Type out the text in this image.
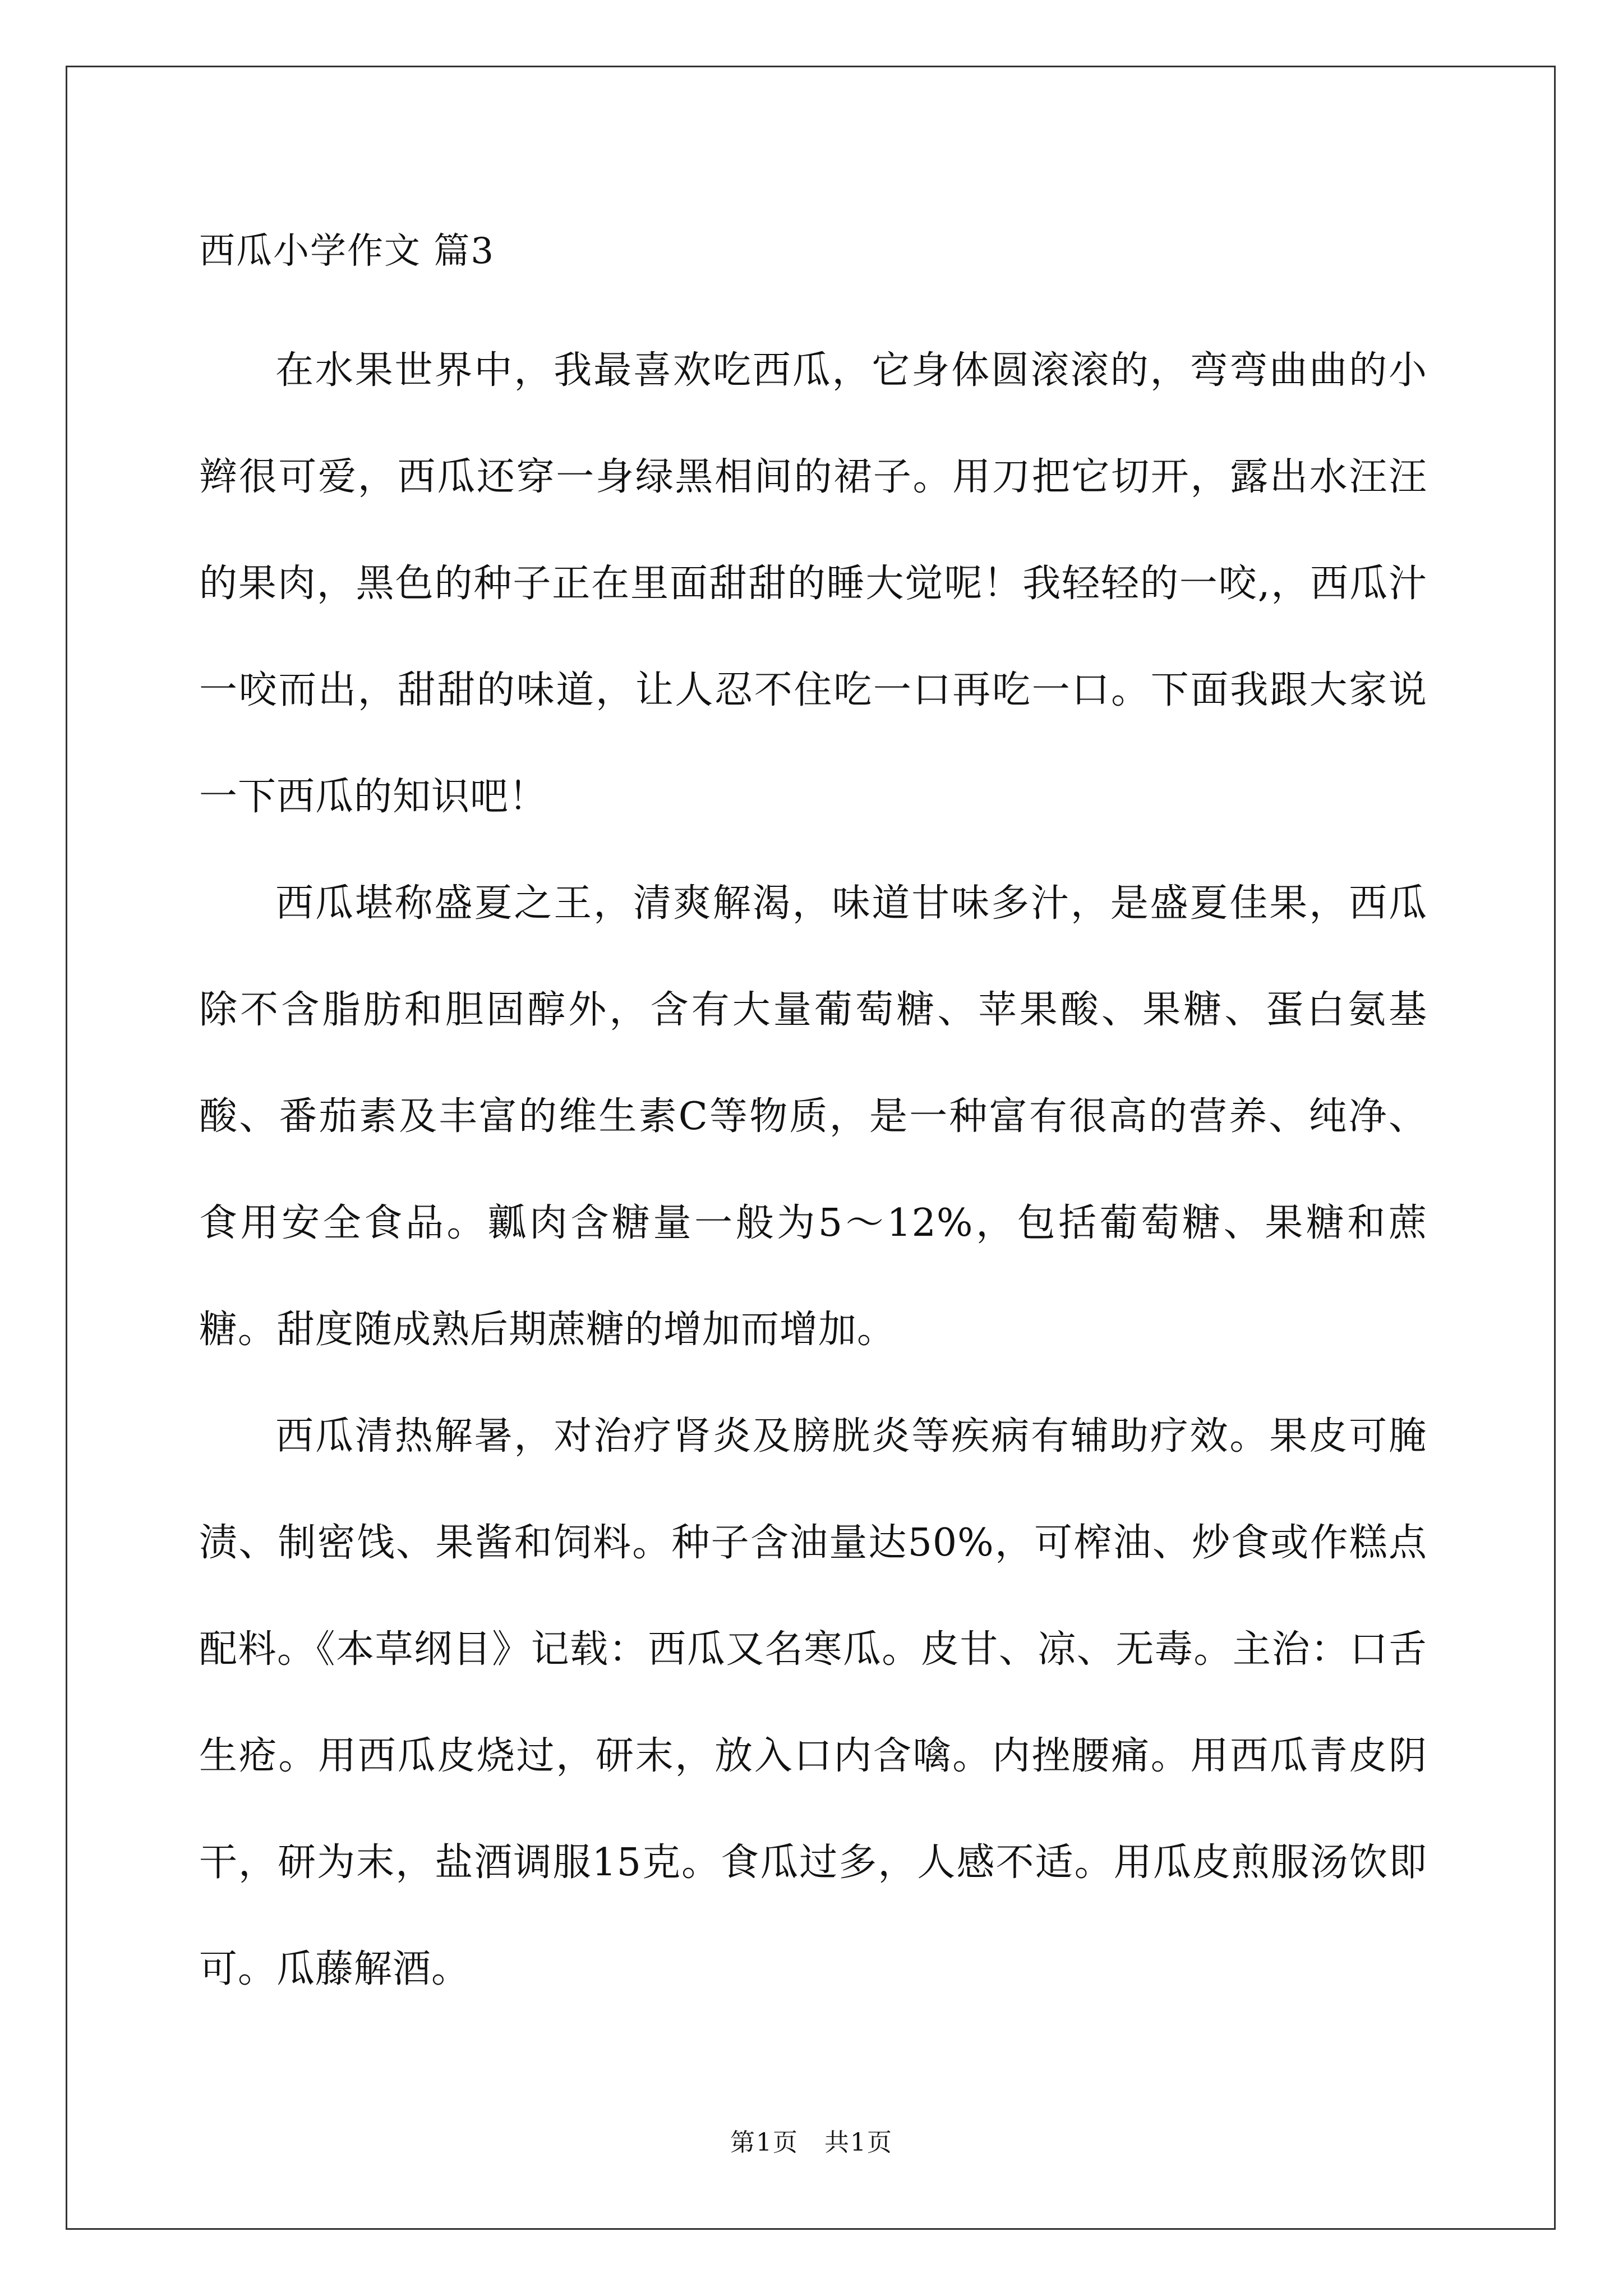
西瓜小学作文 篇3

在水果世界中，我最喜欢吃西瓜，它身体圆滚滚的，弯弯曲曲的小辫很可爱，西瓜还穿一身绿黑相间的裙子。用刀把它切开，露出水汪汪的果肉，黑色的种子正在里面甜甜的睡大觉呢！我轻轻的一咬,，西瓜汁一咬而出，甜甜的味道，让人忍不住吃一口再吃一口。下面我跟大家说一下西瓜的知识吧！

西瓜堪称盛夏之王，清爽解渴，味道甘味多汁，是盛夏佳果，西瓜除不含脂肪和胆固醇外，含有大量葡萄糖、苹果酸、果糖、蛋白氨基酸、番茄素及丰富的维生素C等物质，是一种富有很高的营养、纯净、食用安全食品。瓤肉含糖量一般为5～12%，包括葡萄糖、果糖和蔗糖。甜度随成熟后期蔗糖的增加而增加。

西瓜清热解暑，对治疗肾炎及膀胱炎等疾病有辅助疗效。果皮可腌渍、制密饯、果酱和饲料。种子含油量达50%，可榨油、炒食或作糕点配料。《本草纲目》记载：西瓜又名寒瓜。皮甘、凉、无毒。主治：口舌生疮。用西瓜皮烧过，研末，放入口内含噙。内挫腰痛。用西瓜青皮阴干，研为末，盐酒调服15克。食瓜过多，人感不适。用瓜皮煎服汤饮即可。瓜藤解酒。

第1页　共1页
